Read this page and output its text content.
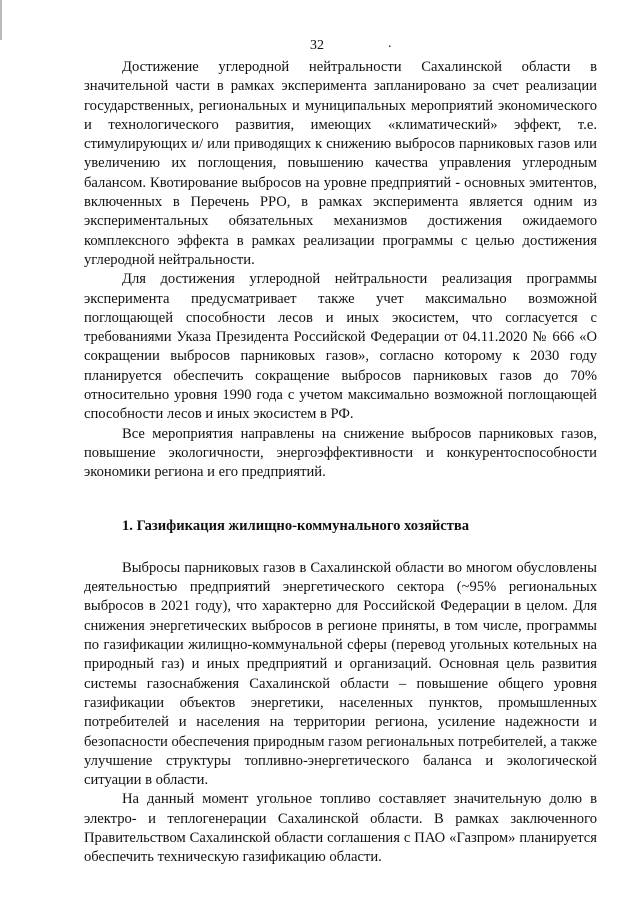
32	.

Достижение углеродной нейтральности Сахалинской области в значительной части в рамках эксперимента запланировано за счет реализации государственных, региональных и муниципальных мероприятий экономического и технологического развития, имеющих «климатический» эффект, т.е. стимулирующих и/ или приводящих к снижению выбросов парниковых газов или увеличению их поглощения, повышению качества управления углеродным балансом. Квотирование выбросов на уровне предприятий - основных эмитентов, включенных в Перечень РРО, в рамках эксперимента является одним из экспериментальных обязательных механизмов достижения ожидаемого комплексного эффекта в рамках реализации программы с целью достижения углеродной нейтральности.

Для достижения углеродной нейтральности реализация программы эксперимента предусматривает также учет максимально возможной поглощающей способности лесов и иных экосистем, что согласуется с требованиями Указа Президента Российской Федерации от 04.11.2020 № 666 «О сокращении выбросов парниковых газов», согласно которому к 2030 году планируется обеспечить сокращение выбросов парниковых газов до 70% относительно уровня 1990 года с учетом максимально возможной поглощающей способности лесов и иных экосистем в РФ.

Все мероприятия направлены на снижение выбросов парниковых газов, повышение экологичности, энергоэффективности и конкурентоспособности экономики региона и его предприятий.

1. Газификация жилищно-коммунального хозяйства

Выбросы парниковых газов в Сахалинской области во многом обусловлены деятельностью предприятий энергетического сектора (~95% региональных выбросов в 2021 году), что характерно для Российской Федерации в целом. Для снижения энергетических выбросов в регионе приняты, в том числе, программы по газификации жилищно-коммунальной сферы (перевод угольных котельных на природный газ) и иных предприятий и организаций. Основная цель развития системы газоснабжения Сахалинской области – повышение общего уровня газификации объектов энергетики, населенных пунктов, промышленных потребителей и населения на территории региона, усиление надежности и безопасности обеспечения природным газом региональных потребителей, а также улучшение структуры топливно-энергетического баланса и экологической ситуации в области.

На данный момент угольное топливо составляет значительную долю в электро- и теплогенерации Сахалинской области. В рамках заключенного Правительством Сахалинской области соглашения с ПАО «Газпром» планируется обеспечить техническую газификацию области.
